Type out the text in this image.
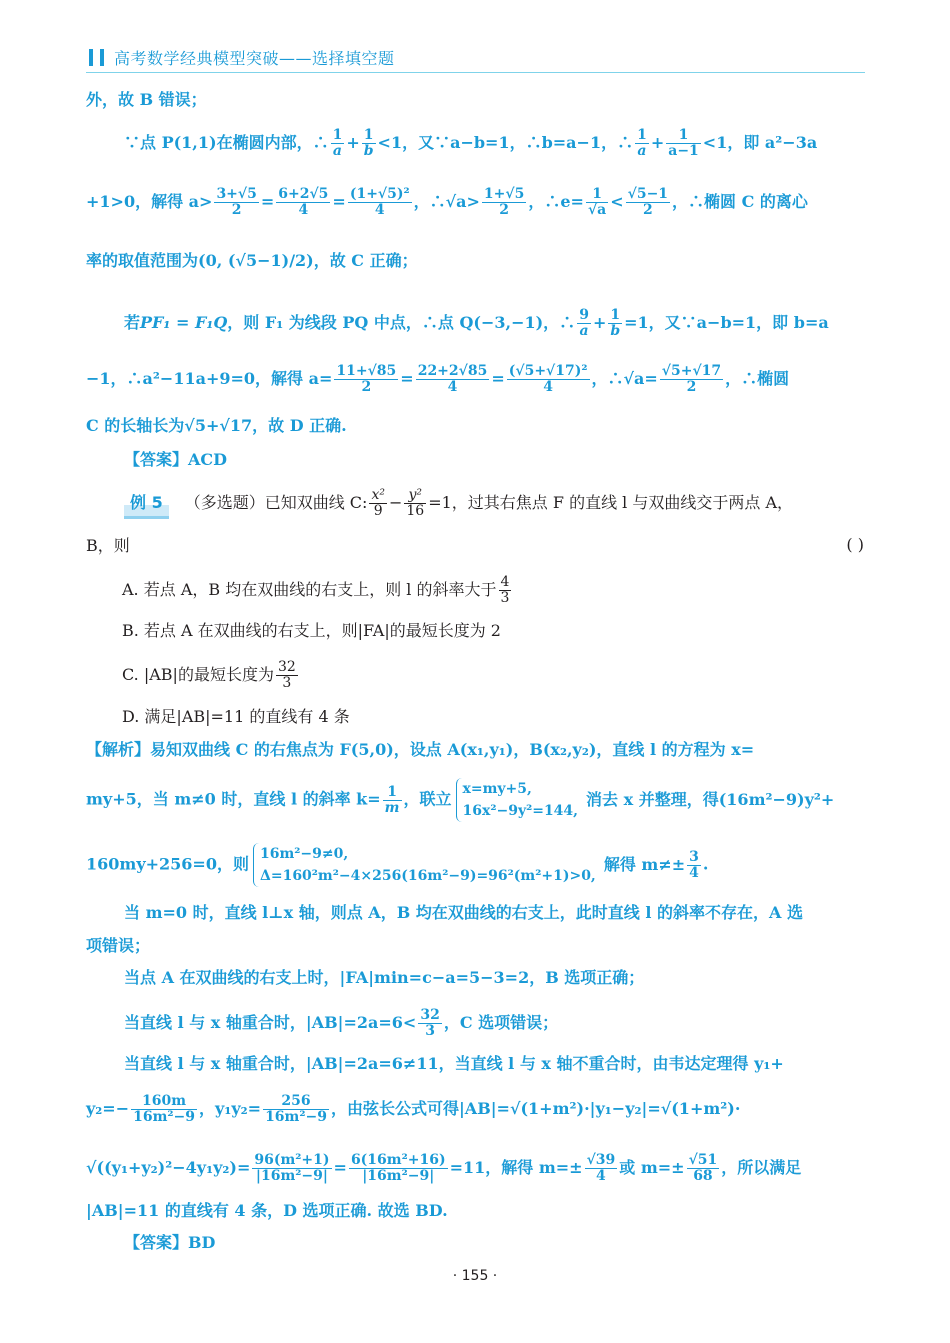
高考数学经典模型突破——选择填空题
外，故 B 错误；
∵点 P(1,1)在椭圆内部，∴ $\frac{1}{a} + \frac{1}{b} <1$，又∵a−b=1，∴b=a−1，∴ $\frac{1}{a} + \frac{1}{a-1} <1$，即 a²−3a
+1>0，解得 $a> \frac{3+√5}{2} = \frac{6+2√5}{4} = \frac{\text{(1+√5)²}}{4}$ ，∴√a> $\frac{1+√5}{2}$ ，∴e= $\frac{1}{√a} < \frac{√5-1}{2}$ ，∴椭圆 C 的离心
率的取值范围为(0, (√5−1)/2)，故 C 正确；
若PF₁ = F₁Q，则 F₁ 为线段 PQ 中点，∴点 Q(−3,−1)，∴ $\frac{9}{a} + \frac{1}{b} =1$，又∵a−b=1，即 b=a
−1，∴a²−11a+9=0，解得 $a= \frac{11+√85}{2} = \frac{22+2√85}{4} = \frac{\text{(√5+√17)²}}{4}$ ，∴√a= $\frac{√5+√17}{2}$ ，∴椭圆
C 的长轴长为√5+√17，故 D 正确.
【答案】ACD
例 5 （多选题）已知双曲线 C: $\frac{\text{x²}}{9} - \frac{\text{y²}}{16} =1$，过其右焦点 F 的直线 l 与双曲线交于两点 A，
B，则	( )
A. 若点 A，B 均在双曲线的右支上，则 l 的斜率大于 $\frac{4}{3}$
B. 若点 A 在双曲线的右支上，则|FA|的最短长度为 2
C. |AB|的最短长度为 $\frac{32}{3}$
D. 满足|AB|=11 的直线有 4 条
【解析】易知双曲线 C 的右焦点为 F(5,0)，设点 A(x₁,y₁)，B(x₂,y₂)，直线 l 的方程为 x=
my+5，当 m≠0 时，直线 l 的斜率 $k= \frac{1}{m}$ ，联立
x=my+5,
16x²−9y²=144,
消去 x 并整理，得(16m²−9)y²+
160my+256=0，则
16m²−9≠0,
Δ=160²m²−4×256(16m²−9)=96²(m²+1)>0,
解得 $m\ne\pm \frac{3}{4}$ .
当 m=0 时，直线 l⊥x 轴，则点 A，B 均在双曲线的右支上，此时直线 l 的斜率不存在，A 选
项错误；
当点 A 在双曲线的右支上时，|FA|min=c−a=5−3=2，B 选项正确；
当直线 l 与 x 轴重合时，$|AB|=2a=6< \frac{32}{3}$ ，C 选项错误；
当直线 l 与 x 轴重合时，|AB|=2a=6≠11，当直线 l 与 x 轴不重合时，由韦达定理得 y₁+
$y_2=- \frac{160m}{\text{16m²−9}}$ ，$y_1y_2= \frac{256}{\text{16m²−9}}$ ，由弦长公式可得|AB|=√(1+m²)·|y₁−y₂|=√(1+m²)·
$√((y_1+y_2)^2-4y_1y_2)= \frac{\text{96(m²+1)}}{\text{|16m²−9|}} = \frac{\text{6(16m²+16)}}{\text{|16m²−9|}} =11$，解得 $m=\pm \frac{√39}{4}$ 或 $m=\pm \frac{√51}{68}$ ，所以满足
|AB|=11 的直线有 4 条，D 选项正确. 故选 BD.
【答案】BD
· 155 ·
